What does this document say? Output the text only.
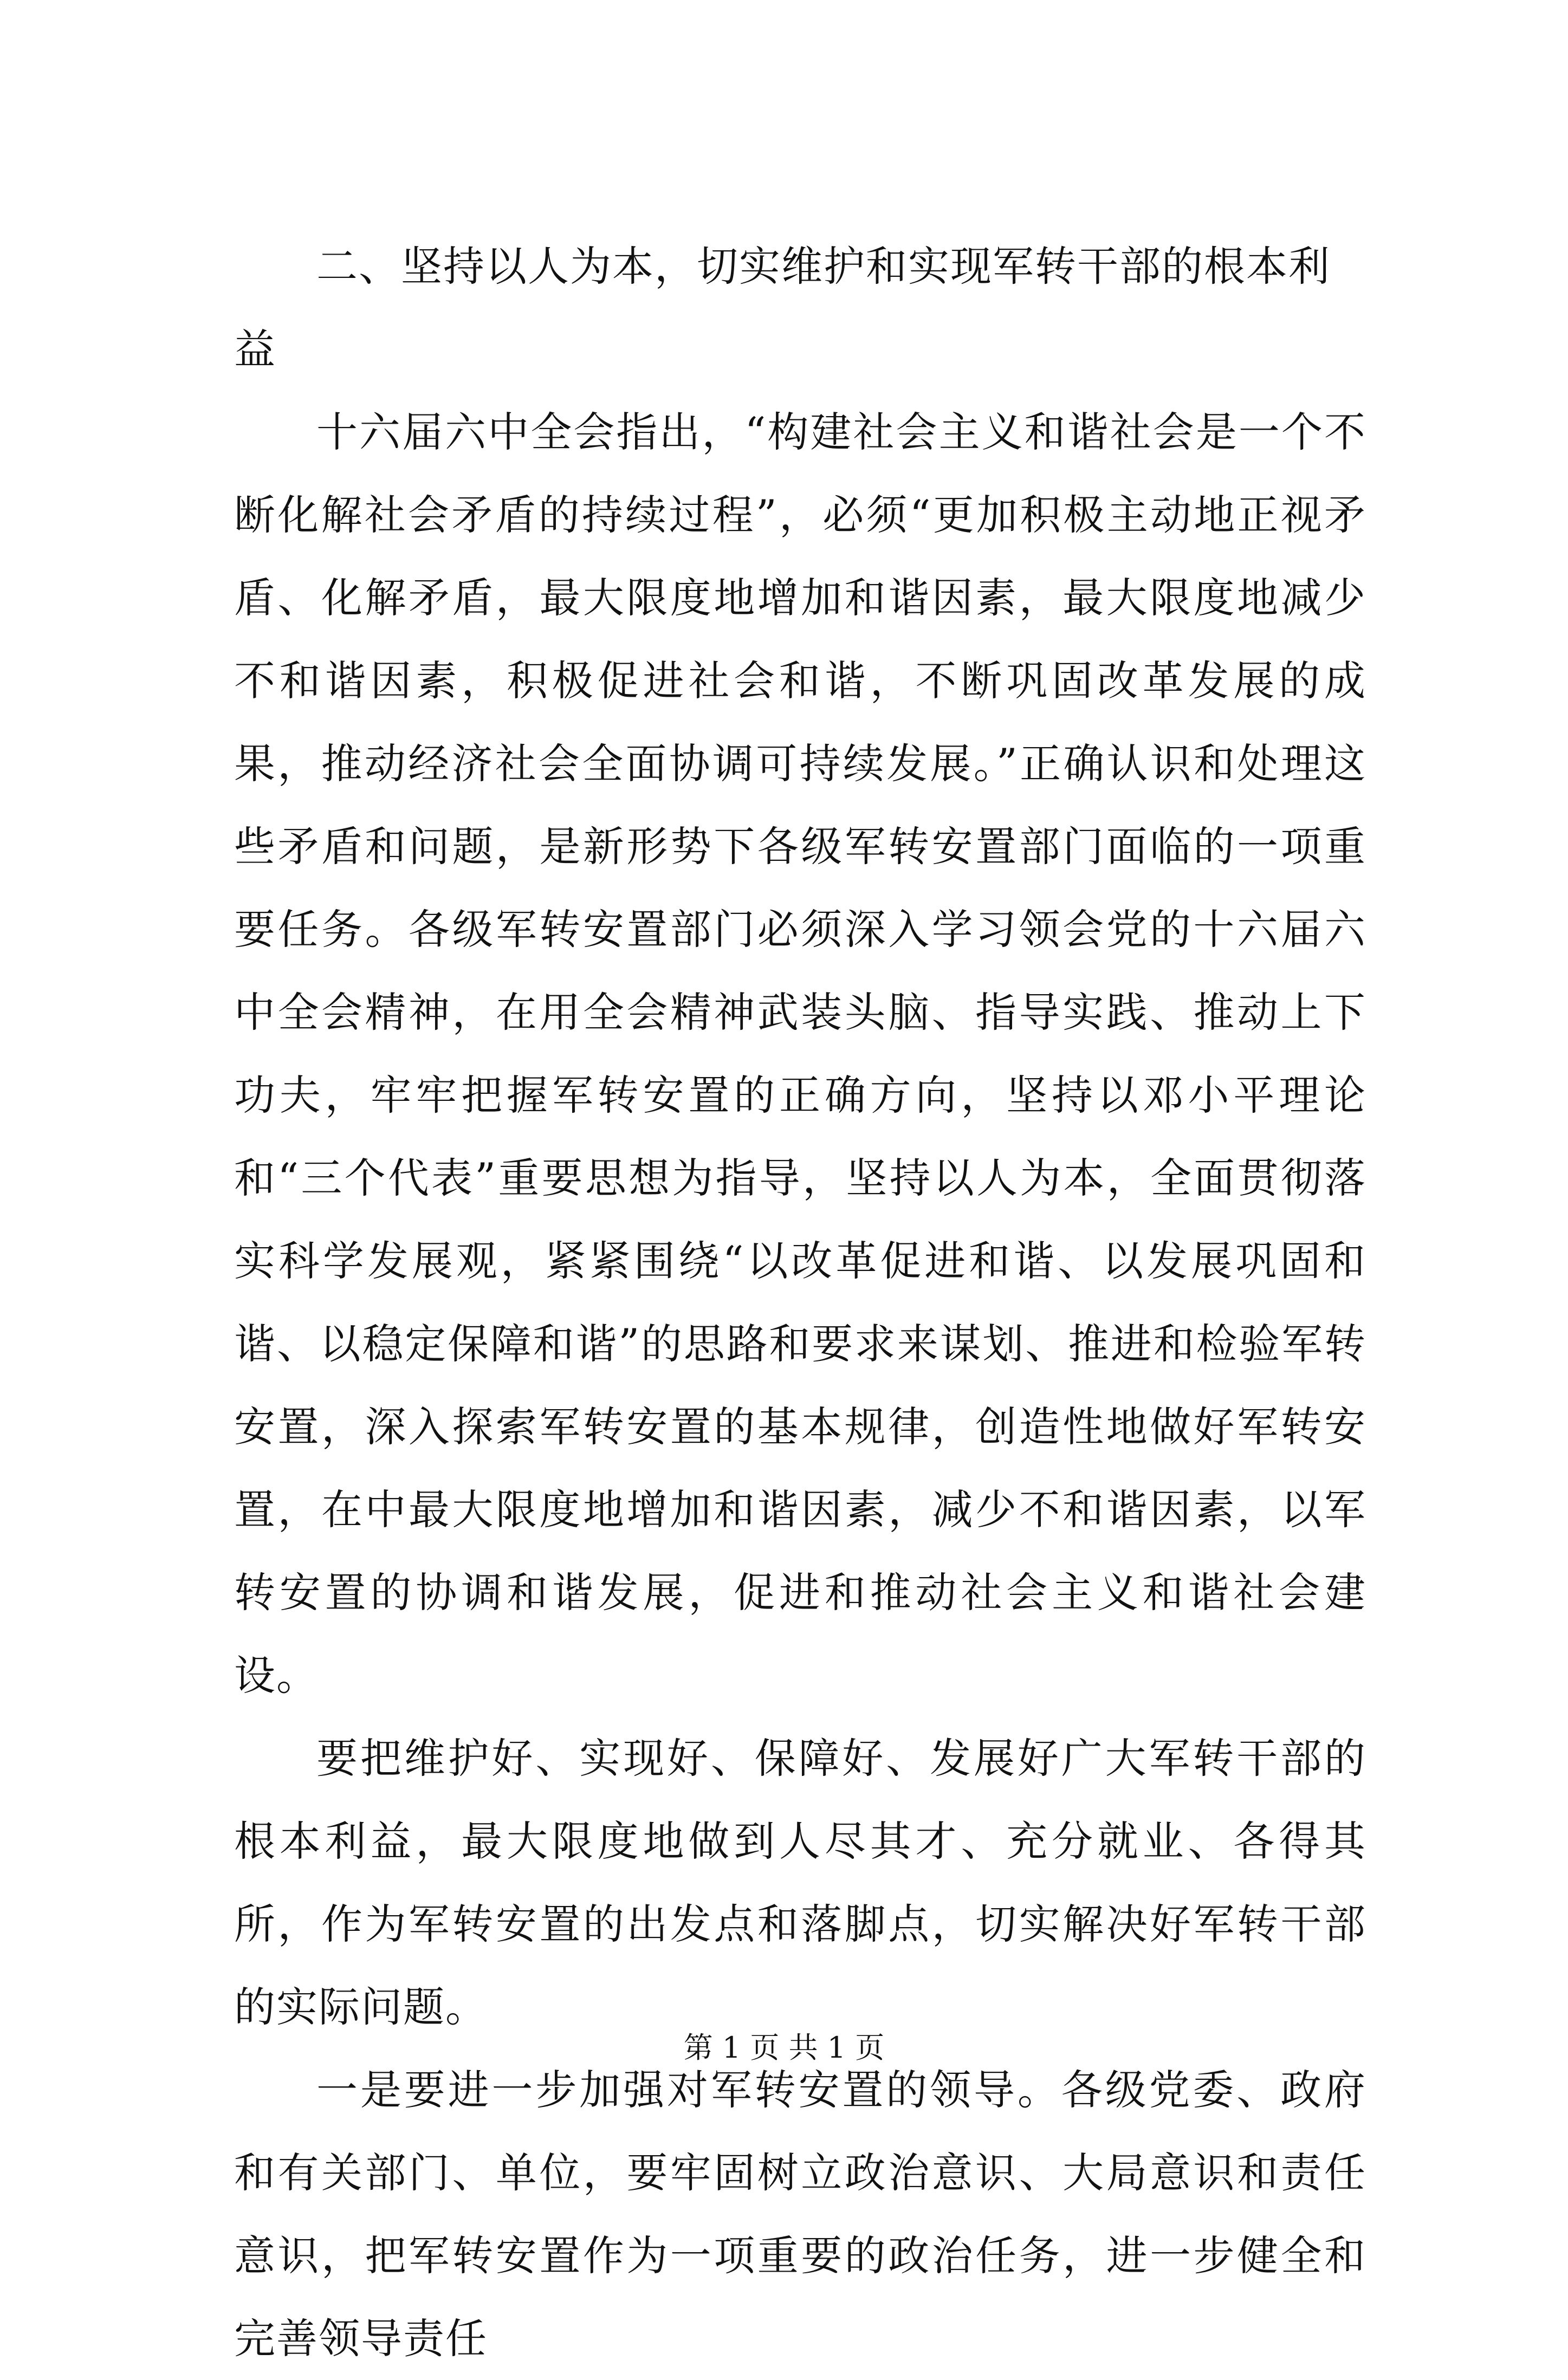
二、坚持以人为本，切实维护和实现军转干部的根本利益

十六届六中全会指出，“构建社会主义和谐社会是一个不断化解社会矛盾的持续过程”，必须“更加积极主动地正视矛盾、化解矛盾，最大限度地增加和谐因素，最大限度地减少不和谐因素，积极促进社会和谐，不断巩固改革发展的成果，推动经济社会全面协调可持续发展。”正确认识和处理这些矛盾和问题，是新形势下各级军转安置部门面临的一项重要任务。各级军转安置部门必须深入学习领会党的十六届六中全会精神，在用全会精神武装头脑、指导实践、推动上下功夫，牢牢把握军转安置的正确方向，坚持以邓小平理论和“三个代表”重要思想为指导，坚持以人为本，全面贯彻落实科学发展观，紧紧围绕“以改革促进和谐、以发展巩固和谐、以稳定保障和谐”的思路和要求来谋划、推进和检验军转安置，深入探索军转安置的基本规律，创造性地做好军转安置，在中最大限度地增加和谐因素，减少不和谐因素，以军转安置的协调和谐发展，促进和推动社会主义和谐社会建设。

要把维护好、实现好、保障好、发展好广大军转干部的根本利益，最大限度地做到人尽其才、充分就业、各得其所，作为军转安置的出发点和落脚点，切实解决好军转干部的实际问题。

一是要进一步加强对军转安置的领导。各级党委、政府和有关部门、单位，要牢固树立政治意识、大局意识和责任意识，把军转安置作为一项重要的政治任务，进一步健全和完善领导责任

第 1 页 共 1 页
